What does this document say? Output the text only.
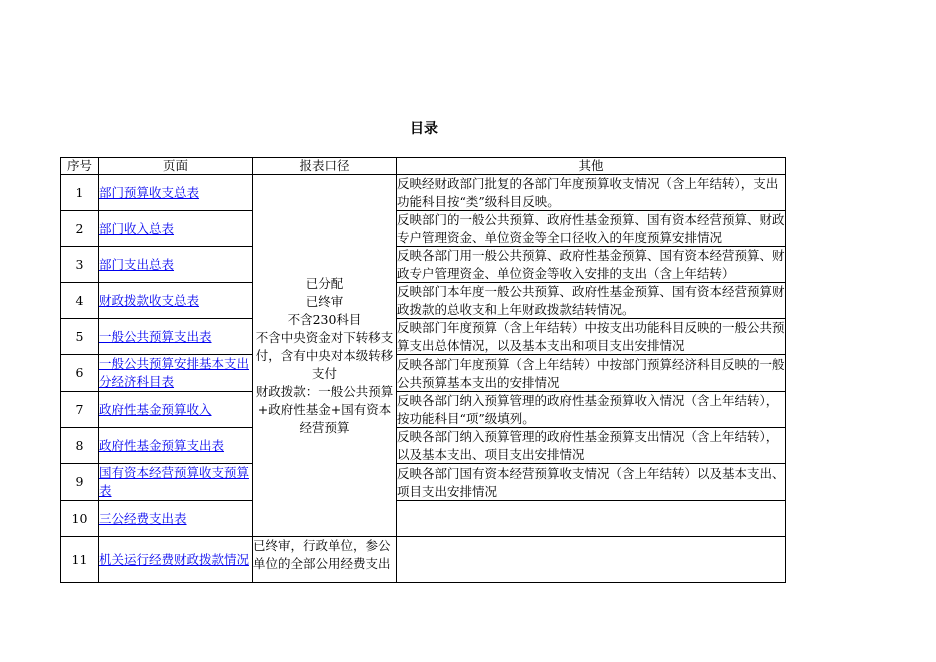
目录
序号	页面	报表口径	其他
1	部门预算收支总表	已分配
已终审
不含230科目
不含中央资金对下转移支付，含有中央对本级转移支付
财政拨款：一般公共预算+政府性基金+国有资本经营预算	反映经财政部门批复的各部门年度预算收支情况（含上年结转），支出功能科目按“类”级科目反映。

2	部门收入总表		反映部门的一般公共预算、政府性基金预算、国有资本经营预算、财政专户管理资金、单位资金等全口径收入的年度预算安排情况

3	部门支出总表		反映各部门用一般公共预算、政府性基金预算、国有资本经营预算、财政专户管理资金、单位资金等收入安排的支出（含上年结转）

4	财政拨款收支总表		反映部门本年度一般公共预算、政府性基金预算、国有资本经营预算财政拨款的总收支和上年财政拨款结转情况。

5	一般公共预算支出表		反映部门年度预算（含上年结转）中按支出功能科目反映的一般公共预算支出总体情况，以及基本支出和项目支出安排情况

6	一般公共预算安排基本支出分经济科目表		反映各部门年度预算（含上年结转）中按部门预算经济科目反映的一般公共预算基本支出的安排情况

7	政府性基金预算收入		反映各部门纳入预算管理的政府性基金预算收入情况（含上年结转），按功能科目“项”级填列。

8	政府性基金预算支出表		反映各部门纳入预算管理的政府性基金预算支出情况（含上年结转），以及基本支出、项目支出安排情况

9	国有资本经营预算收支预算表		反映各部门国有资本经营预算收支情况（含上年结转）以及基本支出、项目支出安排情况

10	三公经费支出表		

11	机关运行经费财政拨款情况	已终审，行政单位，参公单位的全部公用经费支出	
